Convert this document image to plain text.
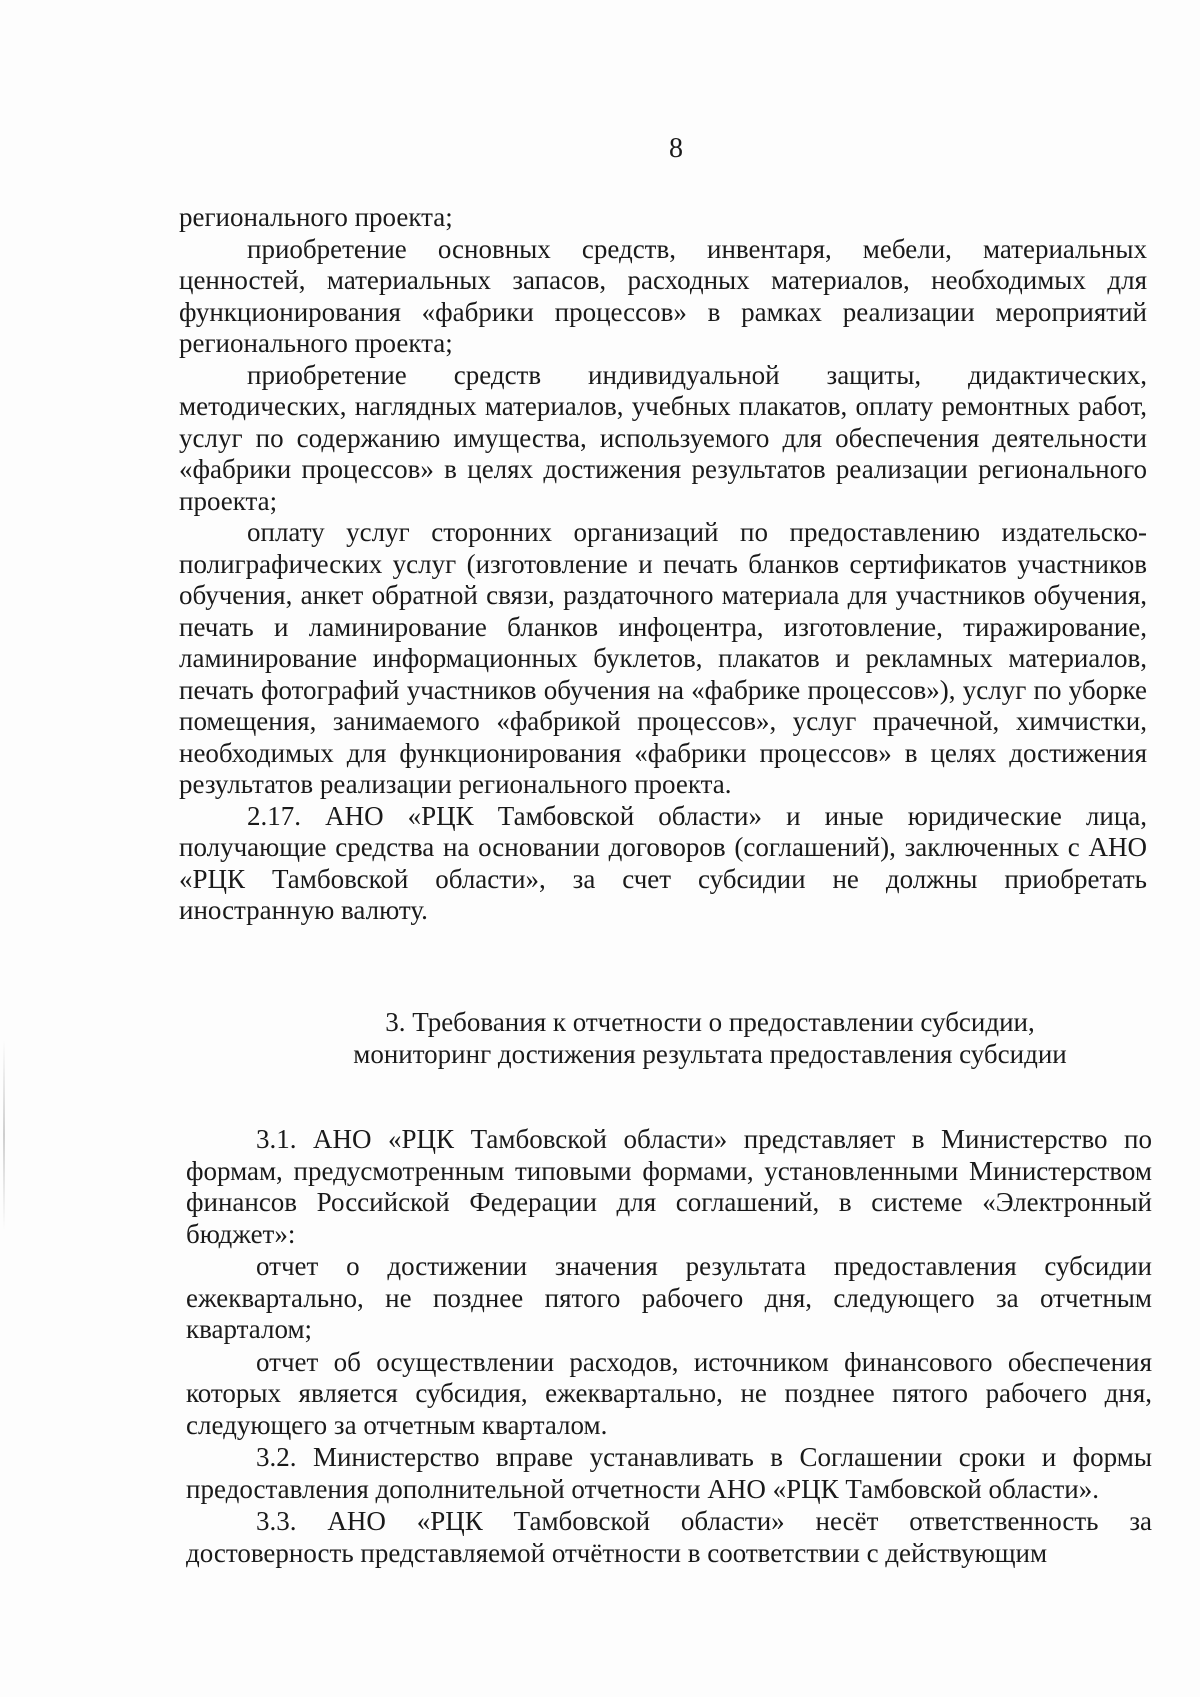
8

регионального проекта;

приобретение основных средств, инвентаря, мебели, материальных ценностей, материальных запасов, расходных материалов, необходимых для функционирования «фабрики процессов» в рамках реализации мероприятий регионального проекта;

приобретение средств индивидуальной защиты, дидактических, методических, наглядных материалов, учебных плакатов, оплату ремонтных работ, услуг по содержанию имущества, используемого для обеспечения деятельности «фабрики процессов» в целях достижения результатов реализации регионального проекта;

оплату услуг сторонних организаций по предоставлению издательско-полиграфических услуг (изготовление и печать бланков сертификатов участников обучения, анкет обратной связи, раздаточного материала для участников обучения, печать и ламинирование бланков инфоцентра, изготовление, тиражирование, ламинирование информационных буклетов, плакатов и рекламных материалов, печать фотографий участников обучения на «фабрике процессов»), услуг по уборке помещения, занимаемого «фабрикой процессов», услуг прачечной, химчистки, необходимых для функционирования «фабрики процессов» в целях достижения результатов реализации регионального проекта.

2.17. АНО «РЦК Тамбовской области» и иные юридические лица, получающие средства на основании договоров (соглашений), заключенных с АНО «РЦК Тамбовской области», за счет субсидии не должны приобретать иностранную валюту.

3. Требования к отчетности о предоставлении субсидии,
мониторинг достижения результата предоставления субсидии

3.1. АНО «РЦК Тамбовской области» представляет в Министерство по формам, предусмотренным типовыми формами, установленными Министерством финансов Российской Федерации для соглашений, в системе «Электронный бюджет»:

отчет о достижении значения результата предоставления субсидии ежеквартально, не позднее пятого рабочего дня, следующего за отчетным кварталом;

отчет об осуществлении расходов, источником финансового обеспечения которых является субсидия, ежеквартально, не позднее пятого рабочего дня, следующего за отчетным кварталом.

3.2. Министерство вправе устанавливать в Соглашении сроки и формы предоставления дополнительной отчетности АНО «РЦК Тамбовской области».

3.3. АНО «РЦК Тамбовской области» несёт ответственность за достоверность представляемой отчётности в соответствии с действующим
